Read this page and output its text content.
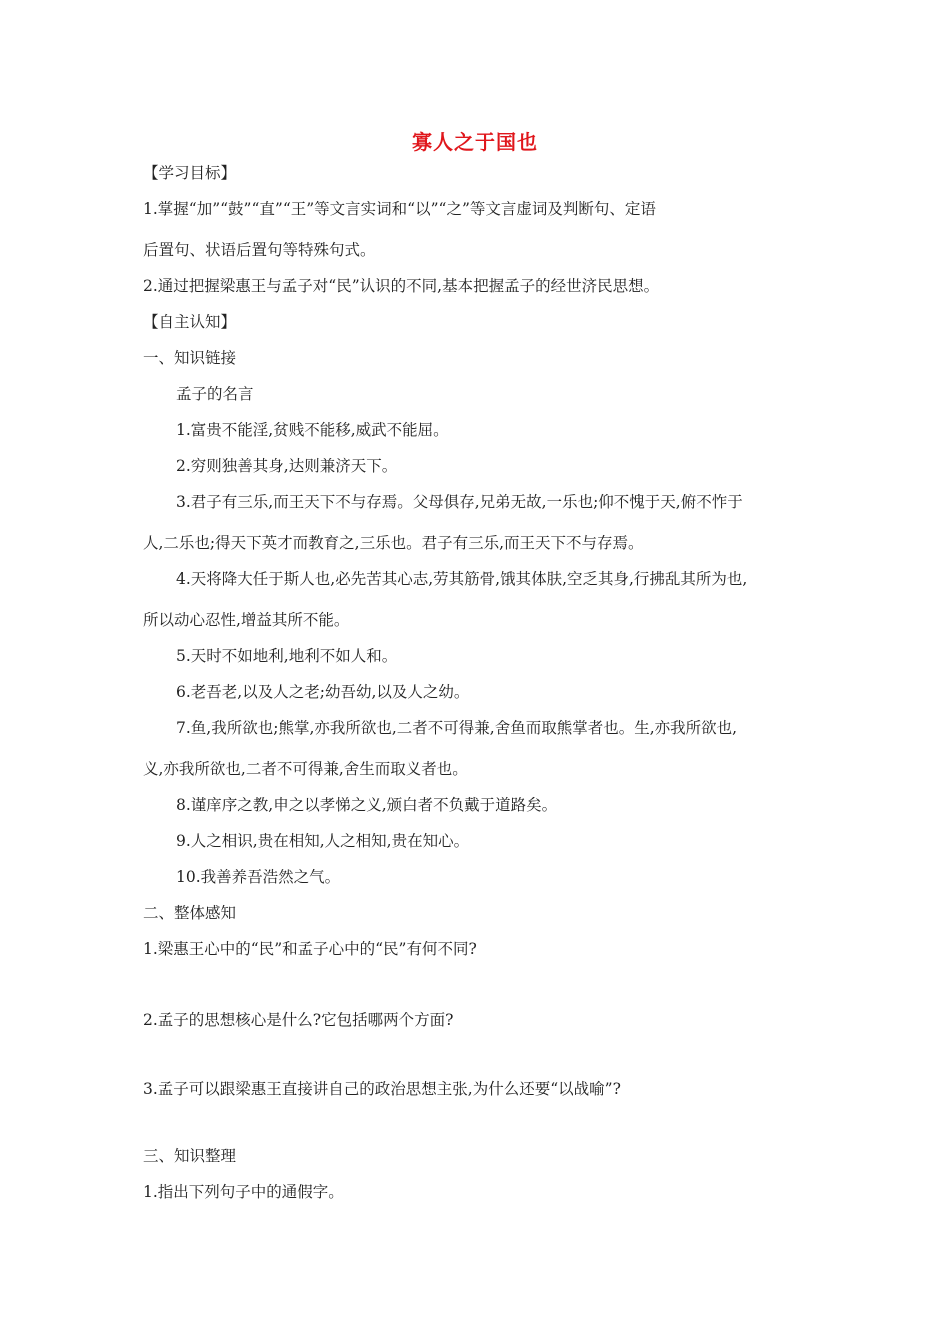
寡人之于国也
【学习目标】
1.掌握“加”“鼓”“直”“王”等文言实词和“以”“之”等文言虚词及判断句、定语
后置句、状语后置句等特殊句式。
2.通过把握梁惠王与孟子对“民”认识的不同,基本把握孟子的经世济民思想。
【自主认知】
一、知识链接
孟子的名言
1.富贵不能淫,贫贱不能移,威武不能屈。
2.穷则独善其身,达则兼济天下。
3.君子有三乐,而王天下不与存焉。父母俱存,兄弟无故,一乐也;仰不愧于天,俯不怍于
人,二乐也;得天下英才而教育之,三乐也。君子有三乐,而王天下不与存焉。
4.天将降大任于斯人也,必先苦其心志,劳其筋骨,饿其体肤,空乏其身,行拂乱其所为也,
所以动心忍性,增益其所不能。
5.天时不如地利,地利不如人和。
6.老吾老,以及人之老;幼吾幼,以及人之幼。
7.鱼,我所欲也;熊掌,亦我所欲也,二者不可得兼,舍鱼而取熊掌者也。生,亦我所欲也,
义,亦我所欲也,二者不可得兼,舍生而取义者也。
8.谨庠序之教,申之以孝悌之义,颁白者不负戴于道路矣。
9.人之相识,贵在相知,人之相知,贵在知心。
10.我善养吾浩然之气。
二、整体感知
1.梁惠王心中的“民”和孟子心中的“民”有何不同?
2.孟子的思想核心是什么?它包括哪两个方面?
3.孟子可以跟梁惠王直接讲自己的政治思想主张,为什么还要“以战喻”?
三、知识整理
1.指出下列句子中的通假字。
